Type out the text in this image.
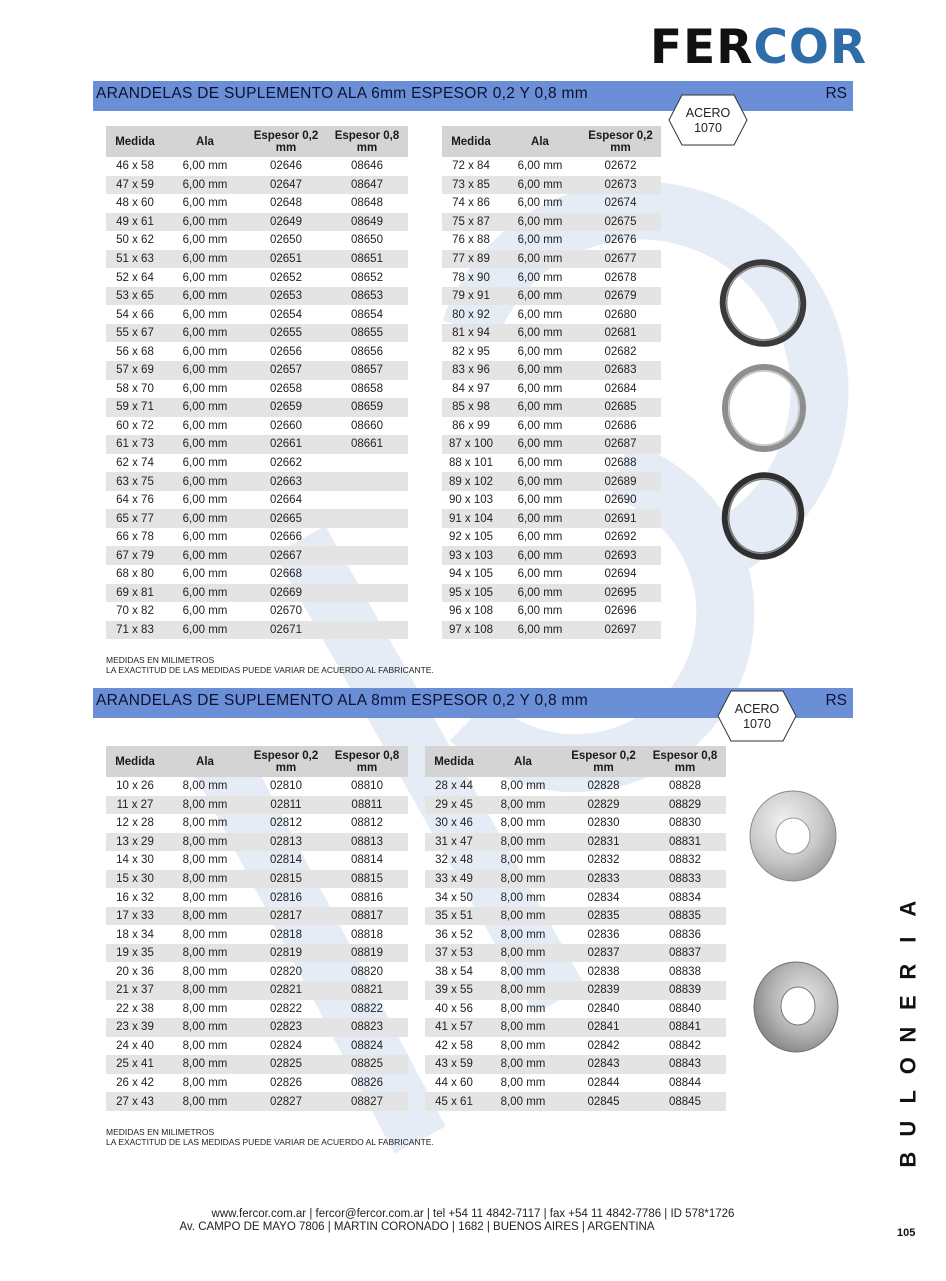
FERCOR
ARANDELAS DE SUPLEMENTO ALA 6mm ESPESOR 0,2 Y 0,8 mm	RS
ACERO
1070
Medida	Ala	Espesor 0,2 mm	Espesor 0,8 mm
46 x 58	6,00 mm	02646	08646
47 x 59	6,00 mm	02647	08647
48 x 60	6,00 mm	02648	08648
49 x 61	6,00 mm	02649	08649
50 x 62	6,00 mm	02650	08650
51 x 63	6,00 mm	02651	08651
52 x 64	6,00 mm	02652	08652
53 x 65	6,00 mm	02653	08653
54 x 66	6,00 mm	02654	08654
55 x 67	6,00 mm	02655	08655
56 x 68	6,00 mm	02656	08656
57 x 69	6,00 mm	02657	08657
58 x 70	6,00 mm	02658	08658
59 x 71	6,00 mm	02659	08659
60 x 72	6,00 mm	02660	08660
61 x 73	6,00 mm	02661	08661
62 x 74	6,00 mm	02662	
63 x 75	6,00 mm	02663	
64 x 76	6,00 mm	02664	
65 x 77	6,00 mm	02665	
66 x 78	6,00 mm	02666	
67 x 79	6,00 mm	02667	
68 x 80	6,00 mm	02668	
69 x 81	6,00 mm	02669	
70 x 82	6,00 mm	02670	
71 x 83	6,00 mm	02671	
Medida	Ala	Espesor 0,2 mm
72 x 84	6,00 mm	02672
73 x 85	6,00 mm	02673
74 x 86	6,00 mm	02674
75 x 87	6,00 mm	02675
76 x 88	6,00 mm	02676
77 x 89	6,00 mm	02677
78 x 90	6,00 mm	02678
79 x 91	6,00 mm	02679
80 x 92	6,00 mm	02680
81 x 94	6,00 mm	02681
82 x 95	6,00 mm	02682
83 x 96	6,00 mm	02683
84 x 97	6,00 mm	02684
85 x 98	6,00 mm	02685
86 x 99	6,00 mm	02686
87 x 100	6,00 mm	02687
88 x 101	6,00 mm	02688
89 x 102	6,00 mm	02689
90 x 103	6,00 mm	02690
91 x 104	6,00 mm	02691
92 x 105	6,00 mm	02692
93 x 103	6,00 mm	02693
94 x 105	6,00 mm	02694
95 x 105	6,00 mm	02695
96 x 108	6,00 mm	02696
97 x 108	6,00 mm	02697
MEDIDAS EN MILIMETROS
LA EXACTITUD DE LAS MEDIDAS PUEDE VARIAR DE ACUERDO AL FABRICANTE.
ARANDELAS DE SUPLEMENTO ALA 8mm ESPESOR 0,2 Y 0,8 mm	RS
ACERO
1070
Medida	Ala	Espesor 0,2 mm	Espesor 0,8 mm
10 x 26	8,00 mm	02810	08810
11 x 27	8,00 mm	02811	08811
12 x 28	8,00 mm	02812	08812
13 x 29	8,00 mm	02813	08813
14 x 30	8,00 mm	02814	08814
15 x 30	8,00 mm	02815	08815
16 x 32	8,00 mm	02816	08816
17 x 33	8,00 mm	02817	08817
18 x 34	8,00 mm	02818	08818
19 x 35	8,00 mm	02819	08819
20 x 36	8,00 mm	02820	08820
21 x 37	8,00 mm	02821	08821
22 x 38	8,00 mm	02822	08822
23 x 39	8,00 mm	02823	08823
24 x 40	8,00 mm	02824	08824
25 x 41	8,00 mm	02825	08825
26 x 42	8,00 mm	02826	08826
27 x 43	8,00 mm	02827	08827
Medida	Ala	Espesor 0,2 mm	Espesor 0,8 mm
28 x 44	8,00 mm	02828	08828
29 x 45	8,00 mm	02829	08829
30 x 46	8,00 mm	02830	08830
31 x 47	8,00 mm	02831	08831
32 x 48	8,00 mm	02832	08832
33 x 49	8,00 mm	02833	08833
34 x 50	8,00 mm	02834	08834
35 x 51	8,00 mm	02835	08835
36 x 52	8,00 mm	02836	08836
37 x 53	8,00 mm	02837	08837
38 x 54	8,00 mm	02838	08838
39 x 55	8,00 mm	02839	08839
40 x 56	8,00 mm	02840	08840
41 x 57	8,00 mm	02841	08841
42 x 58	8,00 mm	02842	08842
43 x 59	8,00 mm	02843	08843
44 x 60	8,00 mm	02844	08844
45 x 61	8,00 mm	02845	08845
MEDIDAS EN MILIMETROS
LA EXACTITUD DE LAS MEDIDAS PUEDE VARIAR DE ACUERDO AL FABRICANTE.
A
I
R
E
N
O
L
U
B
www.fercor.com.ar | fercor@fercor.com.ar | tel +54 11 4842-7117 | fax +54 11 4842-7786 | ID 578*1726
Av. CAMPO DE MAYO 7806 | MARTIN CORONADO | 1682 | BUENOS AIRES | ARGENTINA	105
